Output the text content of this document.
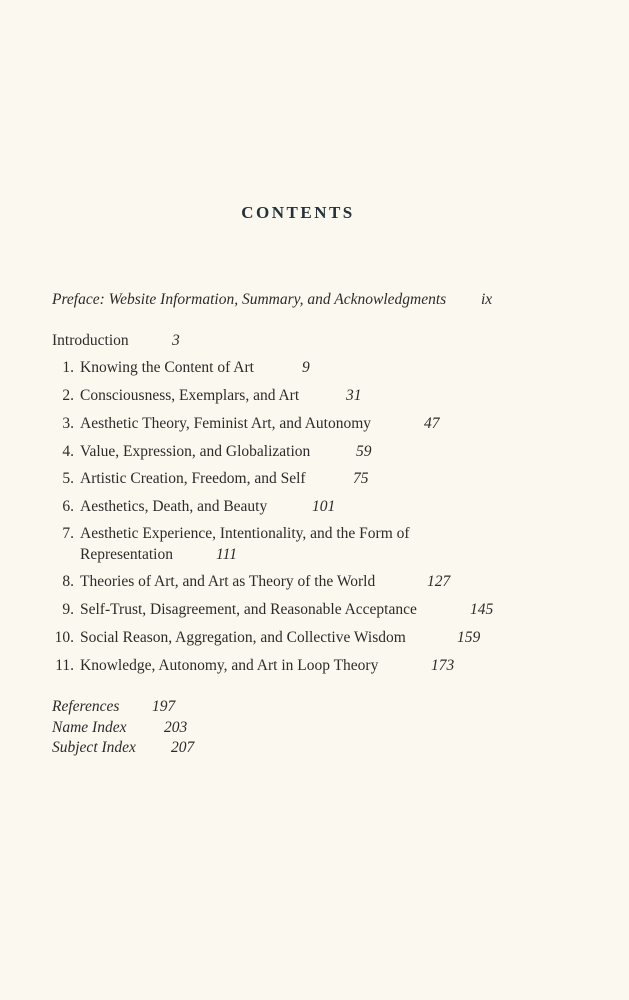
CONTENTS
Preface: Website Information, Summary, and Acknowledgments ix
Introduction	3
1. Knowing the Content of Art	9
2. Consciousness, Exemplars, and Art	31
3. Aesthetic Theory, Feminist Art, and Autonomy	47
4. Value, Expression, and Globalization	59
5. Artistic Creation, Freedom, and Self	75
6. Aesthetics, Death, and Beauty	101
7. Aesthetic Experience, Intentionality, and the Form of
Representation	111
8. Theories of Art, and Art as Theory of the World	127
9. Self-Trust, Disagreement, and Reasonable Acceptance	145
10. Social Reason, Aggregation, and Collective Wisdom	159
11. Knowledge, Autonomy, and Art in Loop Theory	173
References 197
Name Index 203
Subject Index 207
